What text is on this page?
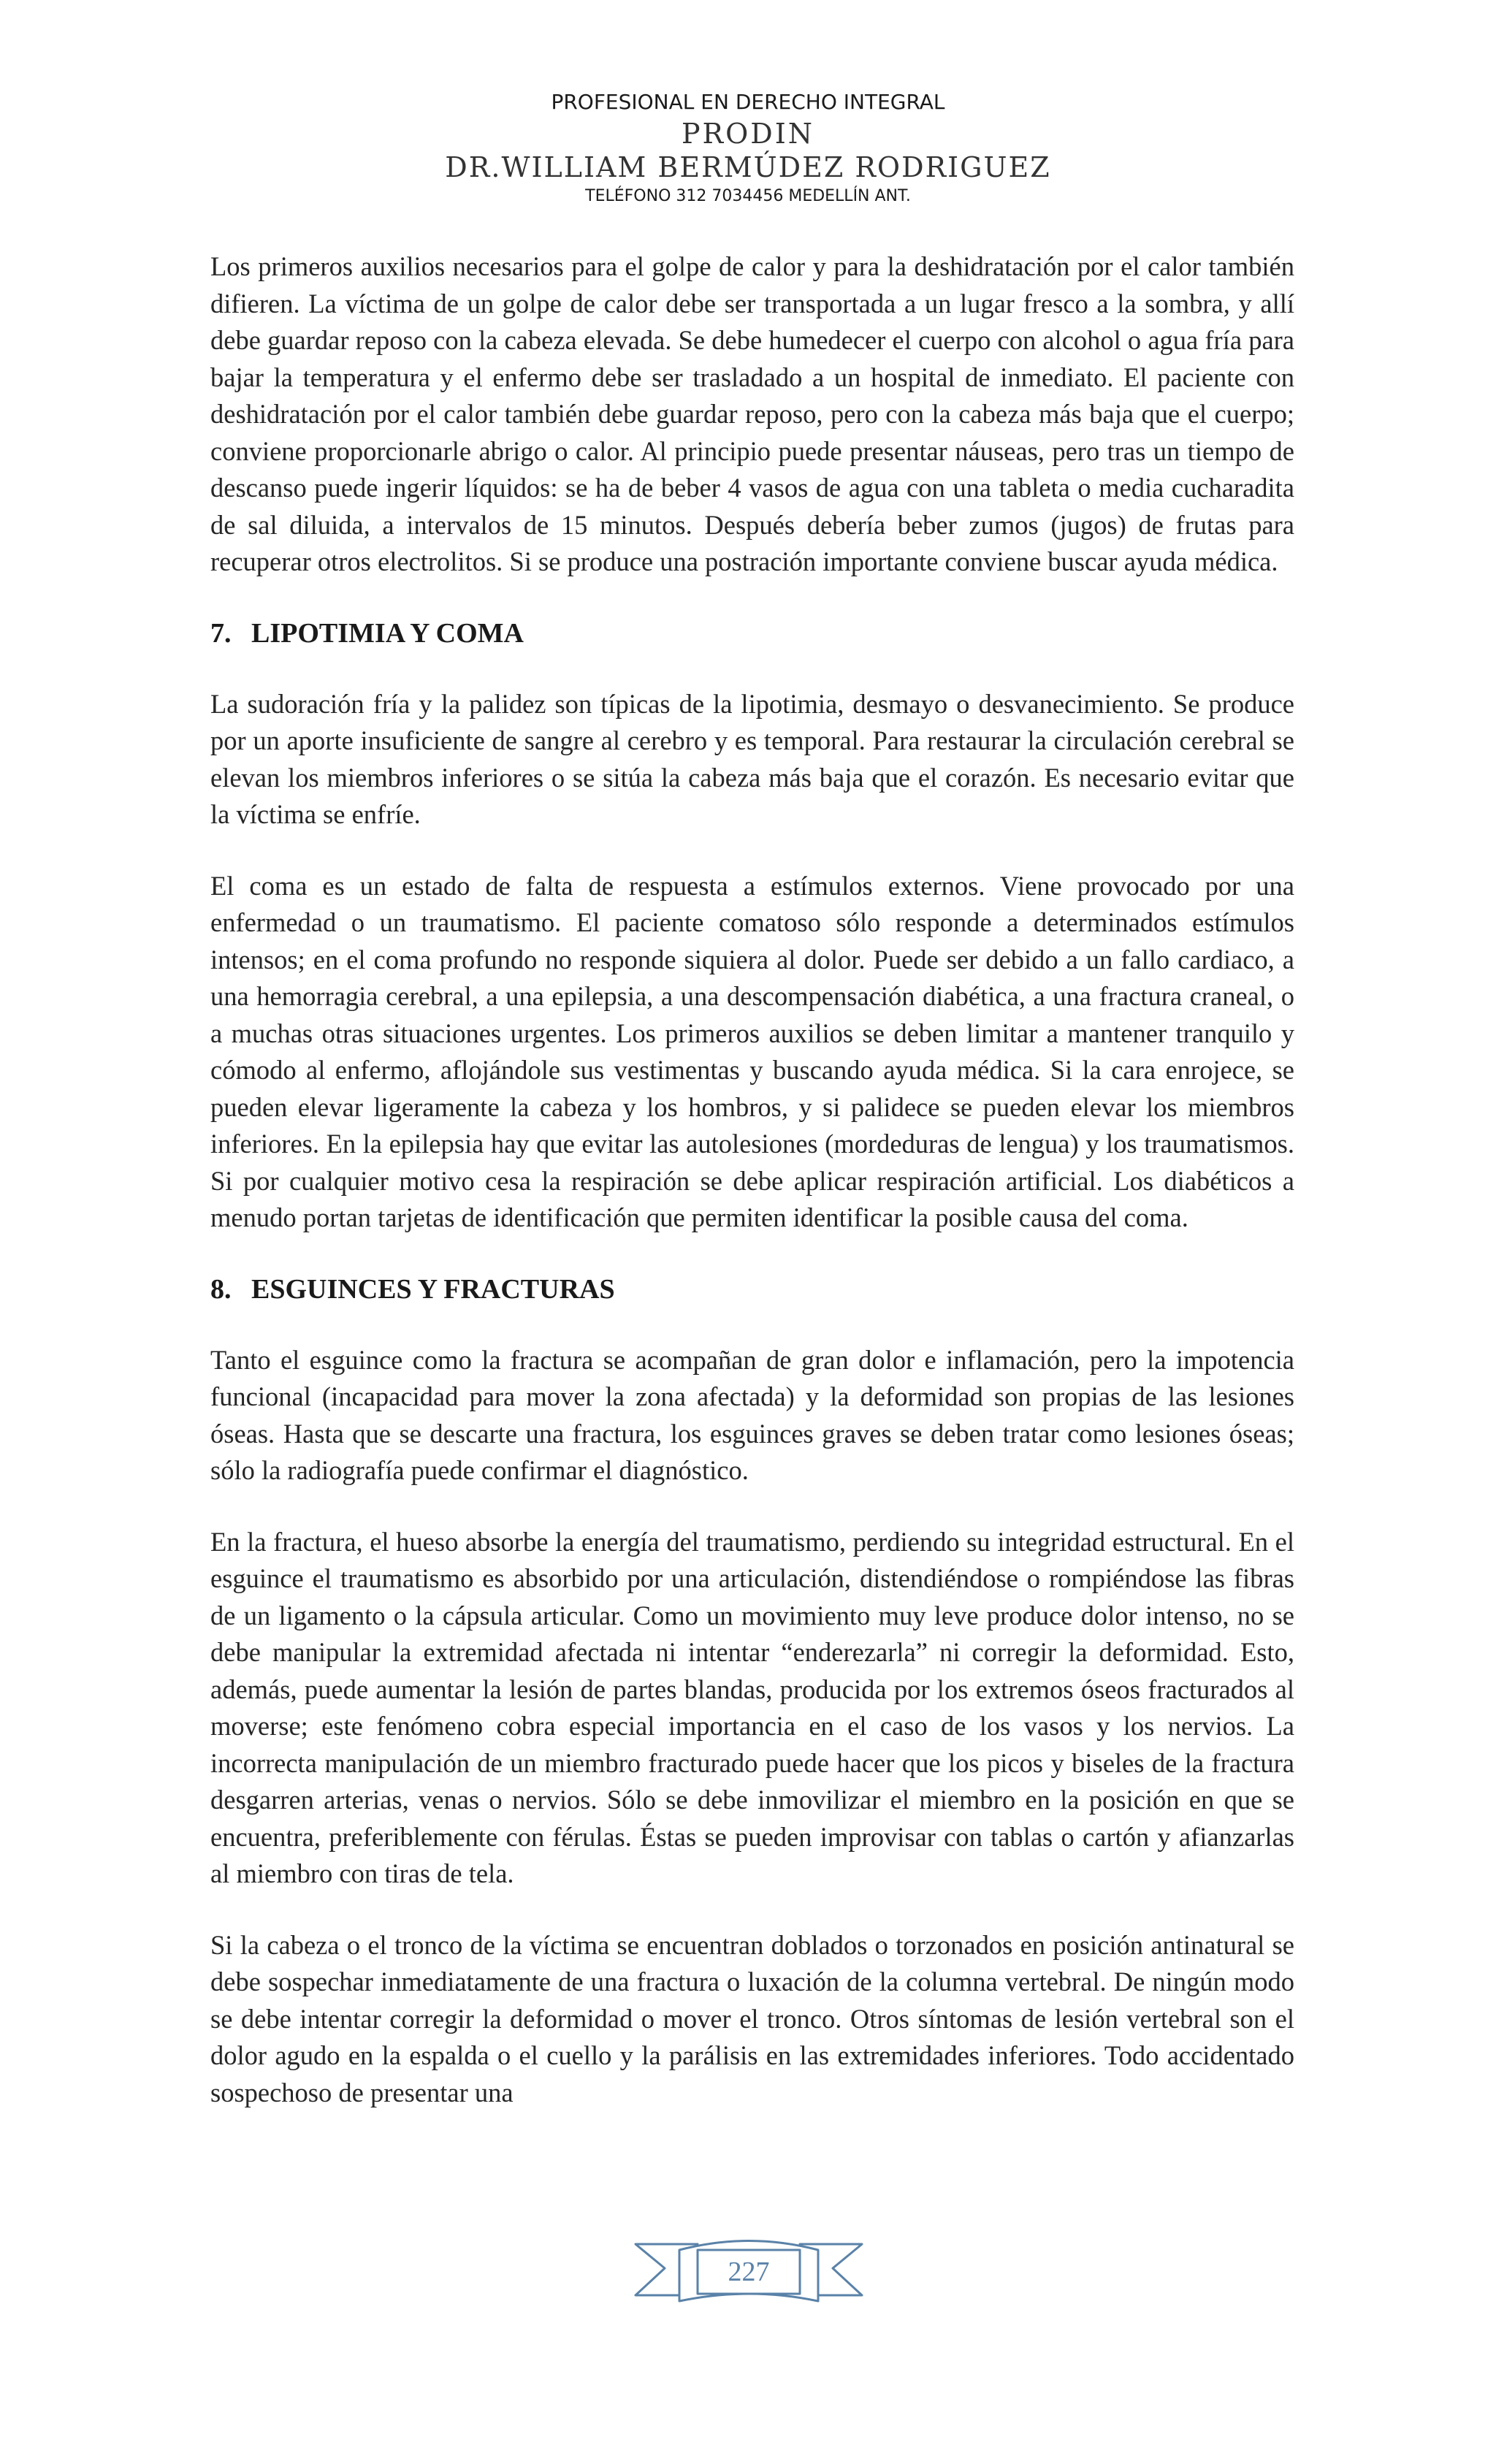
PROFESIONAL EN DERECHO INTEGRAL
PRODIN
DR.WILLIAM BERMÚDEZ RODRIGUEZ
TELÉFONO 312 7034456 MEDELLÍN ANT.

Los primeros auxilios necesarios para el golpe de calor y para la deshidratación por el calor también difieren. La víctima de un golpe de calor debe ser transportada a un lugar fresco a la sombra, y allí debe guardar reposo con la cabeza elevada. Se debe humedecer el cuerpo con alcohol o agua fría para bajar la temperatura y el enfermo debe ser trasladado a un hospital de inmediato. El paciente con deshidratación por el calor también debe guardar reposo, pero con la cabeza más baja que el cuerpo; conviene proporcionarle abrigo o calor. Al principio puede presentar náuseas, pero tras un tiempo de descanso puede ingerir líquidos: se ha de beber 4 vasos de agua con una tableta o media cucharadita de sal diluida, a intervalos de 15 minutos. Después debería beber zumos (jugos) de frutas para recuperar otros electrolitos. Si se produce una postración importante conviene buscar ayuda médica.

7. LIPOTIMIA Y COMA

La sudoración fría y la palidez son típicas de la lipotimia, desmayo o desvanecimiento. Se produce por un aporte insuficiente de sangre al cerebro y es temporal. Para restaurar la circulación cerebral se elevan los miembros inferiores o se sitúa la cabeza más baja que el corazón. Es necesario evitar que la víctima se enfríe.

El coma es un estado de falta de respuesta a estímulos externos. Viene provocado por una enfermedad o un traumatismo. El paciente comatoso sólo responde a determinados estímulos intensos; en el coma profundo no responde siquiera al dolor. Puede ser debido a un fallo cardiaco, a una hemorragia cerebral, a una epilepsia, a una descompensación diabética, a una fractura craneal, o a muchas otras situaciones urgentes. Los primeros auxilios se deben limitar a mantener tranquilo y cómodo al enfermo, aflojándole sus vestimentas y buscando ayuda médica. Si la cara enrojece, se pueden elevar ligeramente la cabeza y los hombros, y si palidece se pueden elevar los miembros inferiores. En la epilepsia hay que evitar las autolesiones (mordeduras de lengua) y los traumatismos. Si por cualquier motivo cesa la respiración se debe aplicar respiración artificial. Los diabéticos a menudo portan tarjetas de identificación que permiten identificar la posible causa del coma.

8. ESGUINCES Y FRACTURAS

Tanto el esguince como la fractura se acompañan de gran dolor e inflamación, pero la impotencia funcional (incapacidad para mover la zona afectada) y la deformidad son propias de las lesiones óseas. Hasta que se descarte una fractura, los esguinces graves se deben tratar como lesiones óseas; sólo la radiografía puede confirmar el diagnóstico.

En la fractura, el hueso absorbe la energía del traumatismo, perdiendo su integridad estructural. En el esguince el traumatismo es absorbido por una articulación, distendiéndose o rompiéndose las fibras de un ligamento o la cápsula articular. Como un movimiento muy leve produce dolor intenso, no se debe manipular la extremidad afectada ni intentar “enderezarla” ni corregir la deformidad. Esto, además, puede aumentar la lesión de partes blandas, producida por los extremos óseos fracturados al moverse; este fenómeno cobra especial importancia en el caso de los vasos y los nervios. La incorrecta manipulación de un miembro fracturado puede hacer que los picos y biseles de la fractura desgarren arterias, venas o nervios. Sólo se debe inmovilizar el miembro en la posición en que se encuentra, preferiblemente con férulas. Éstas se pueden improvisar con tablas o cartón y afianzarlas al miembro con tiras de tela.

Si la cabeza o el tronco de la víctima se encuentran doblados o torzonados en posición antinatural se debe sospechar inmediatamente de una fractura o luxación de la columna vertebral. De ningún modo se debe intentar corregir la deformidad o mover el tronco. Otros síntomas de lesión vertebral son el dolor agudo en la espalda o el cuello y la parálisis en las extremidades inferiores. Todo accidentado sospechoso de presentar una

227
